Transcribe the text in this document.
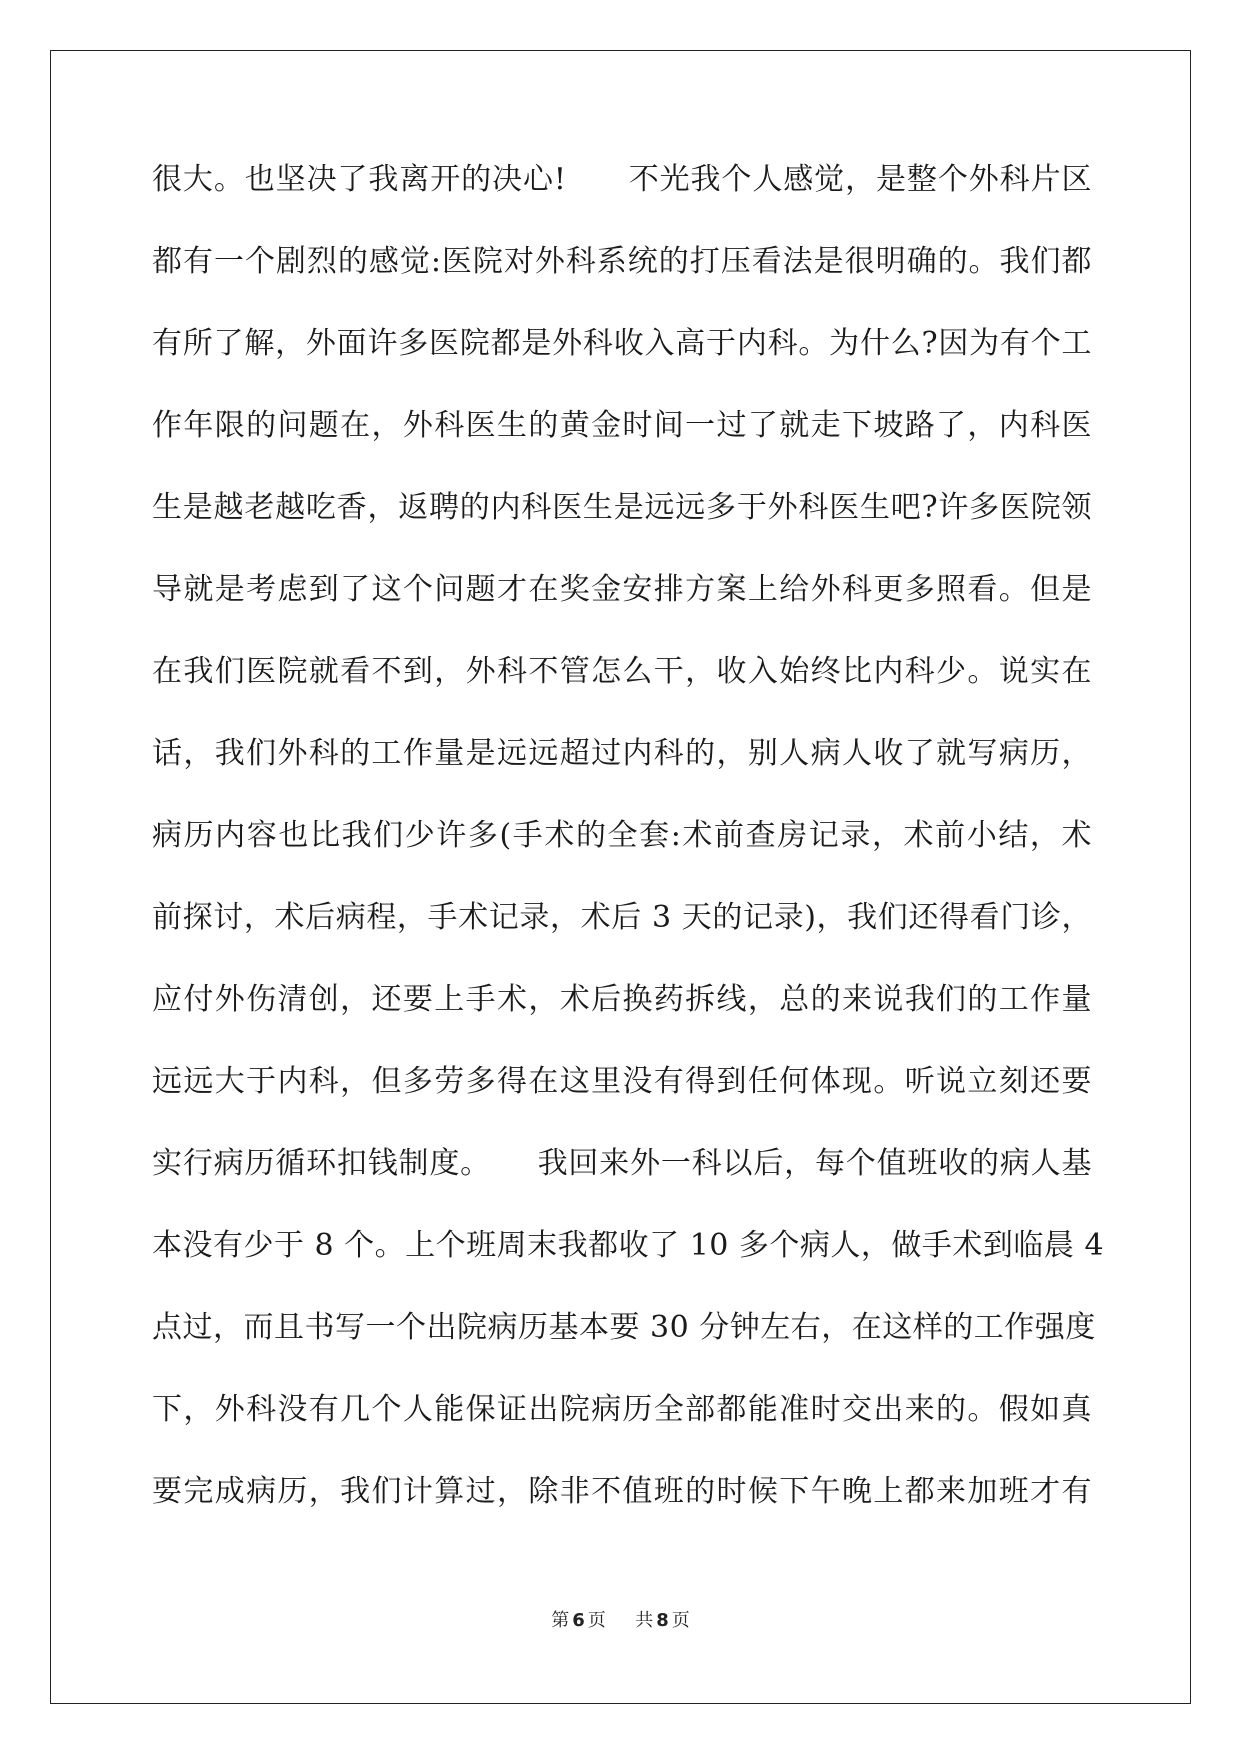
很大。也坚决了我离开的决心!　　不光我个人感觉，是整个外科片区
都有一个剧烈的感觉:医院对外科系统的打压看法是很明确的。我们都
有所了解，外面许多医院都是外科收入高于内科。为什么?因为有个工
作年限的问题在，外科医生的黄金时间一过了就走下坡路了，内科医
生是越老越吃香，返聘的内科医生是远远多于外科医生吧?许多医院领
导就是考虑到了这个问题才在奖金安排方案上给外科更多照看。但是
在我们医院就看不到，外科不管怎么干，收入始终比内科少。说实在
话，我们外科的工作量是远远超过内科的，别人病人收了就写病历，
病历内容也比我们少许多(手术的全套:术前查房记录，术前小结，术
前探讨，术后病程，手术记录，术后 3 天的记录)，我们还得看门诊，
应付外伤清创，还要上手术，术后换药拆线，总的来说我们的工作量
远远大于内科，但多劳多得在这里没有得到任何体现。听说立刻还要
实行病历循环扣钱制度。　　我回来外一科以后，每个值班收的病人基
本没有少于 8 个。上个班周末我都收了 10 多个病人，做手术到临晨 4
点过，而且书写一个出院病历基本要 30 分钟左右，在这样的工作强度
下，外科没有几个人能保证出院病历全部都能准时交出来的。假如真
要完成病历，我们计算过，除非不值班的时候下午晚上都来加班才有
第 6 页 共 8 页
